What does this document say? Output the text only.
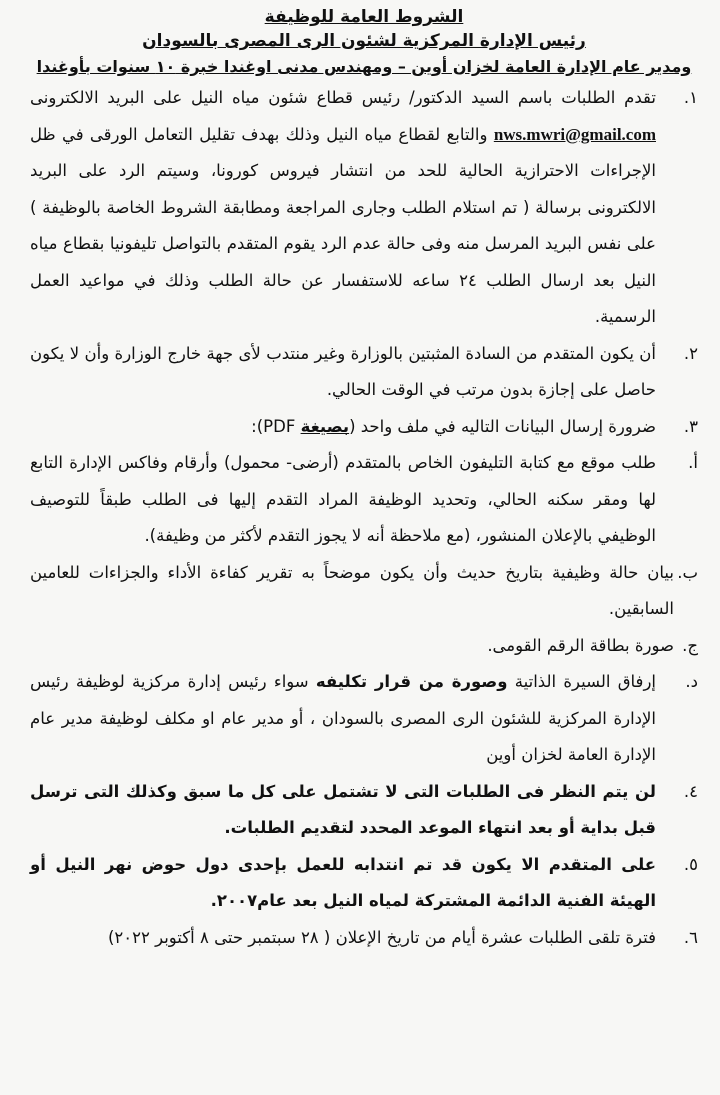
الشروط العامة للوظيفة
رئيس الإدارة المركزية لشئون الرى المصرى بالسودان
ومدير عام الإدارة العامة لخزان أوين – ومهندس مدنى اوغندا خبرة ١٠ سنوات بأوغندا
١.
تقدم الطلبات باسم السيد الدكتور/ رئيس قطاع شئون مياه النيل على البريد الالكترونى nws.mwri@gmail.com والتابع لقطاع مياه النيل وذلك بهدف تقليل التعامل الورقى في ظل الإجراءات الاحترازية الحالية للحد من انتشار فيروس كورونا، وسيتم الرد على البريد الالكترونى برسالة ( تم استلام الطلب وجارى المراجعة ومطابقة الشروط الخاصة بالوظيفة ) على نفس البريد المرسل منه وفى حالة عدم الرد يقوم المتقدم بالتواصل تليفونيا بقطاع مياه النيل بعد ارسال الطلب ٢٤ ساعه للاستفسار عن حالة الطلب وذلك في مواعيد العمل الرسمية.
٢.
أن يكون المتقدم من السادة المثبتين بالوزارة وغير منتدب لأى جهة خارج الوزارة وأن لا يكون حاصل على إجازة بدون مرتب في الوقت الحالي.
٣.
ضرورة إرسال البيانات التاليه في ملف واحد (بصيغة PDF):
أ.
طلب موقع مع كتابة التليفون الخاص بالمتقدم (أرضى- محمول) وأرقام وفاكس الإدارة التابع لها ومقر سكنه الحالي، وتحديد الوظيفة المراد التقدم إليها فى الطلب طبقاً للتوصيف الوظيفي بالإعلان المنشور، (مع ملاحظة أنه لا يجوز التقدم لأكثر من وظيفة).
ب.
بيان حالة وظيفية بتاريخ حديث وأن يكون موضحاً به تقرير كفاءة الأداء والجزاءات للعامين السابقين.
ج.
صورة بطاقة الرقم القومى.
د.
إرفاق السيرة الذاتية وصورة من قرار تكليفه سواء رئيس إدارة مركزية لوظيفة رئيس الإدارة المركزية للشئون الرى المصرى بالسودان ، أو مدير عام او مكلف لوظيفة مدير عام الإدارة العامة لخزان أوين
٤.
لن يتم النظر فى الطلبات التى لا تشتمل على كل ما سبق وكذلك التى ترسل قبل بداية أو بعد انتهاء الموعد المحدد لتقديم الطلبات.
٥.
على المتقدم الا يكون قد تم انتدابه للعمل بإحدى دول حوض نهر النيل أو الهيئة الفنية الدائمة المشتركة لمياه النيل بعد عام٢٠٠٧.
٦.
فترة تلقى الطلبات عشرة أيام من تاريخ الإعلان ( ٢٨ سبتمبر حتى ٨ أكتوبر ٢٠٢٢)
